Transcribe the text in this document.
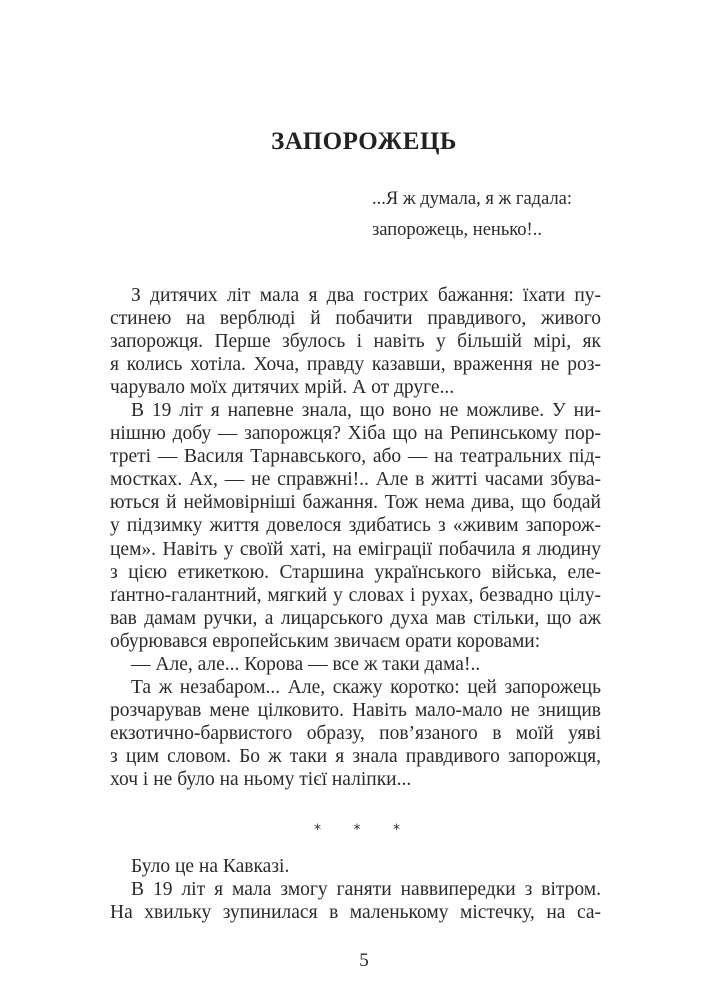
ЗАПОРОЖЕЦЬ
...Я ж думала, я ж гадала:
запорожець, ненько!..
З дитячих літ мала я два гострих бажання: їхати пу-
стинею на верблюді й побачити правдивого, живого
запорожця. Перше збулось і навіть у більшій мірі, як
я колись хотіла. Хоча, правду казавши, враження не роз-
чарувало моїх дитячих мрій. А от друге...
В 19 літ я напевне знала, що воно не можливе. У ни-
нішню добу — запорожця? Хіба що на Репинському пор-
треті — Василя Тарнавського, або — на театральних під-
мостках. Ах, — не справжні!.. Але в житті часами збува-
ються й неймовірніші бажання. Тож нема дива, що бодай
у підзимку життя довелося здибатись з «живим запорож-
цем». Навіть у своїй хаті, на еміграції побачила я людину
з цією етикеткою. Старшина українського війська, еле-
ґантно-галантний, мягкий у словах і рухах, безвадно цілу-
вав дамам ручки, а лицарського духа мав стільки, що аж
обурювався европейським звичаєм орати коровами:
— Але, але... Корова — все ж таки дама!..
Та ж незабаром... Але, скажу коротко: цей запорожець
розчарував мене цілковито. Навіть мало-мало не знищив
екзотично-барвистого образу, пов’язаного в моїй уяві
з цим словом. Бо ж таки я знала правдивого запорожця,
хоч і не було на ньому тієї наліпки...
* * *
Було це на Кавказі.
В 19 літ я мала змогу ганяти наввипередки з вітром.
На хвильку зупинилася в маленькому містечку, на са-
5
